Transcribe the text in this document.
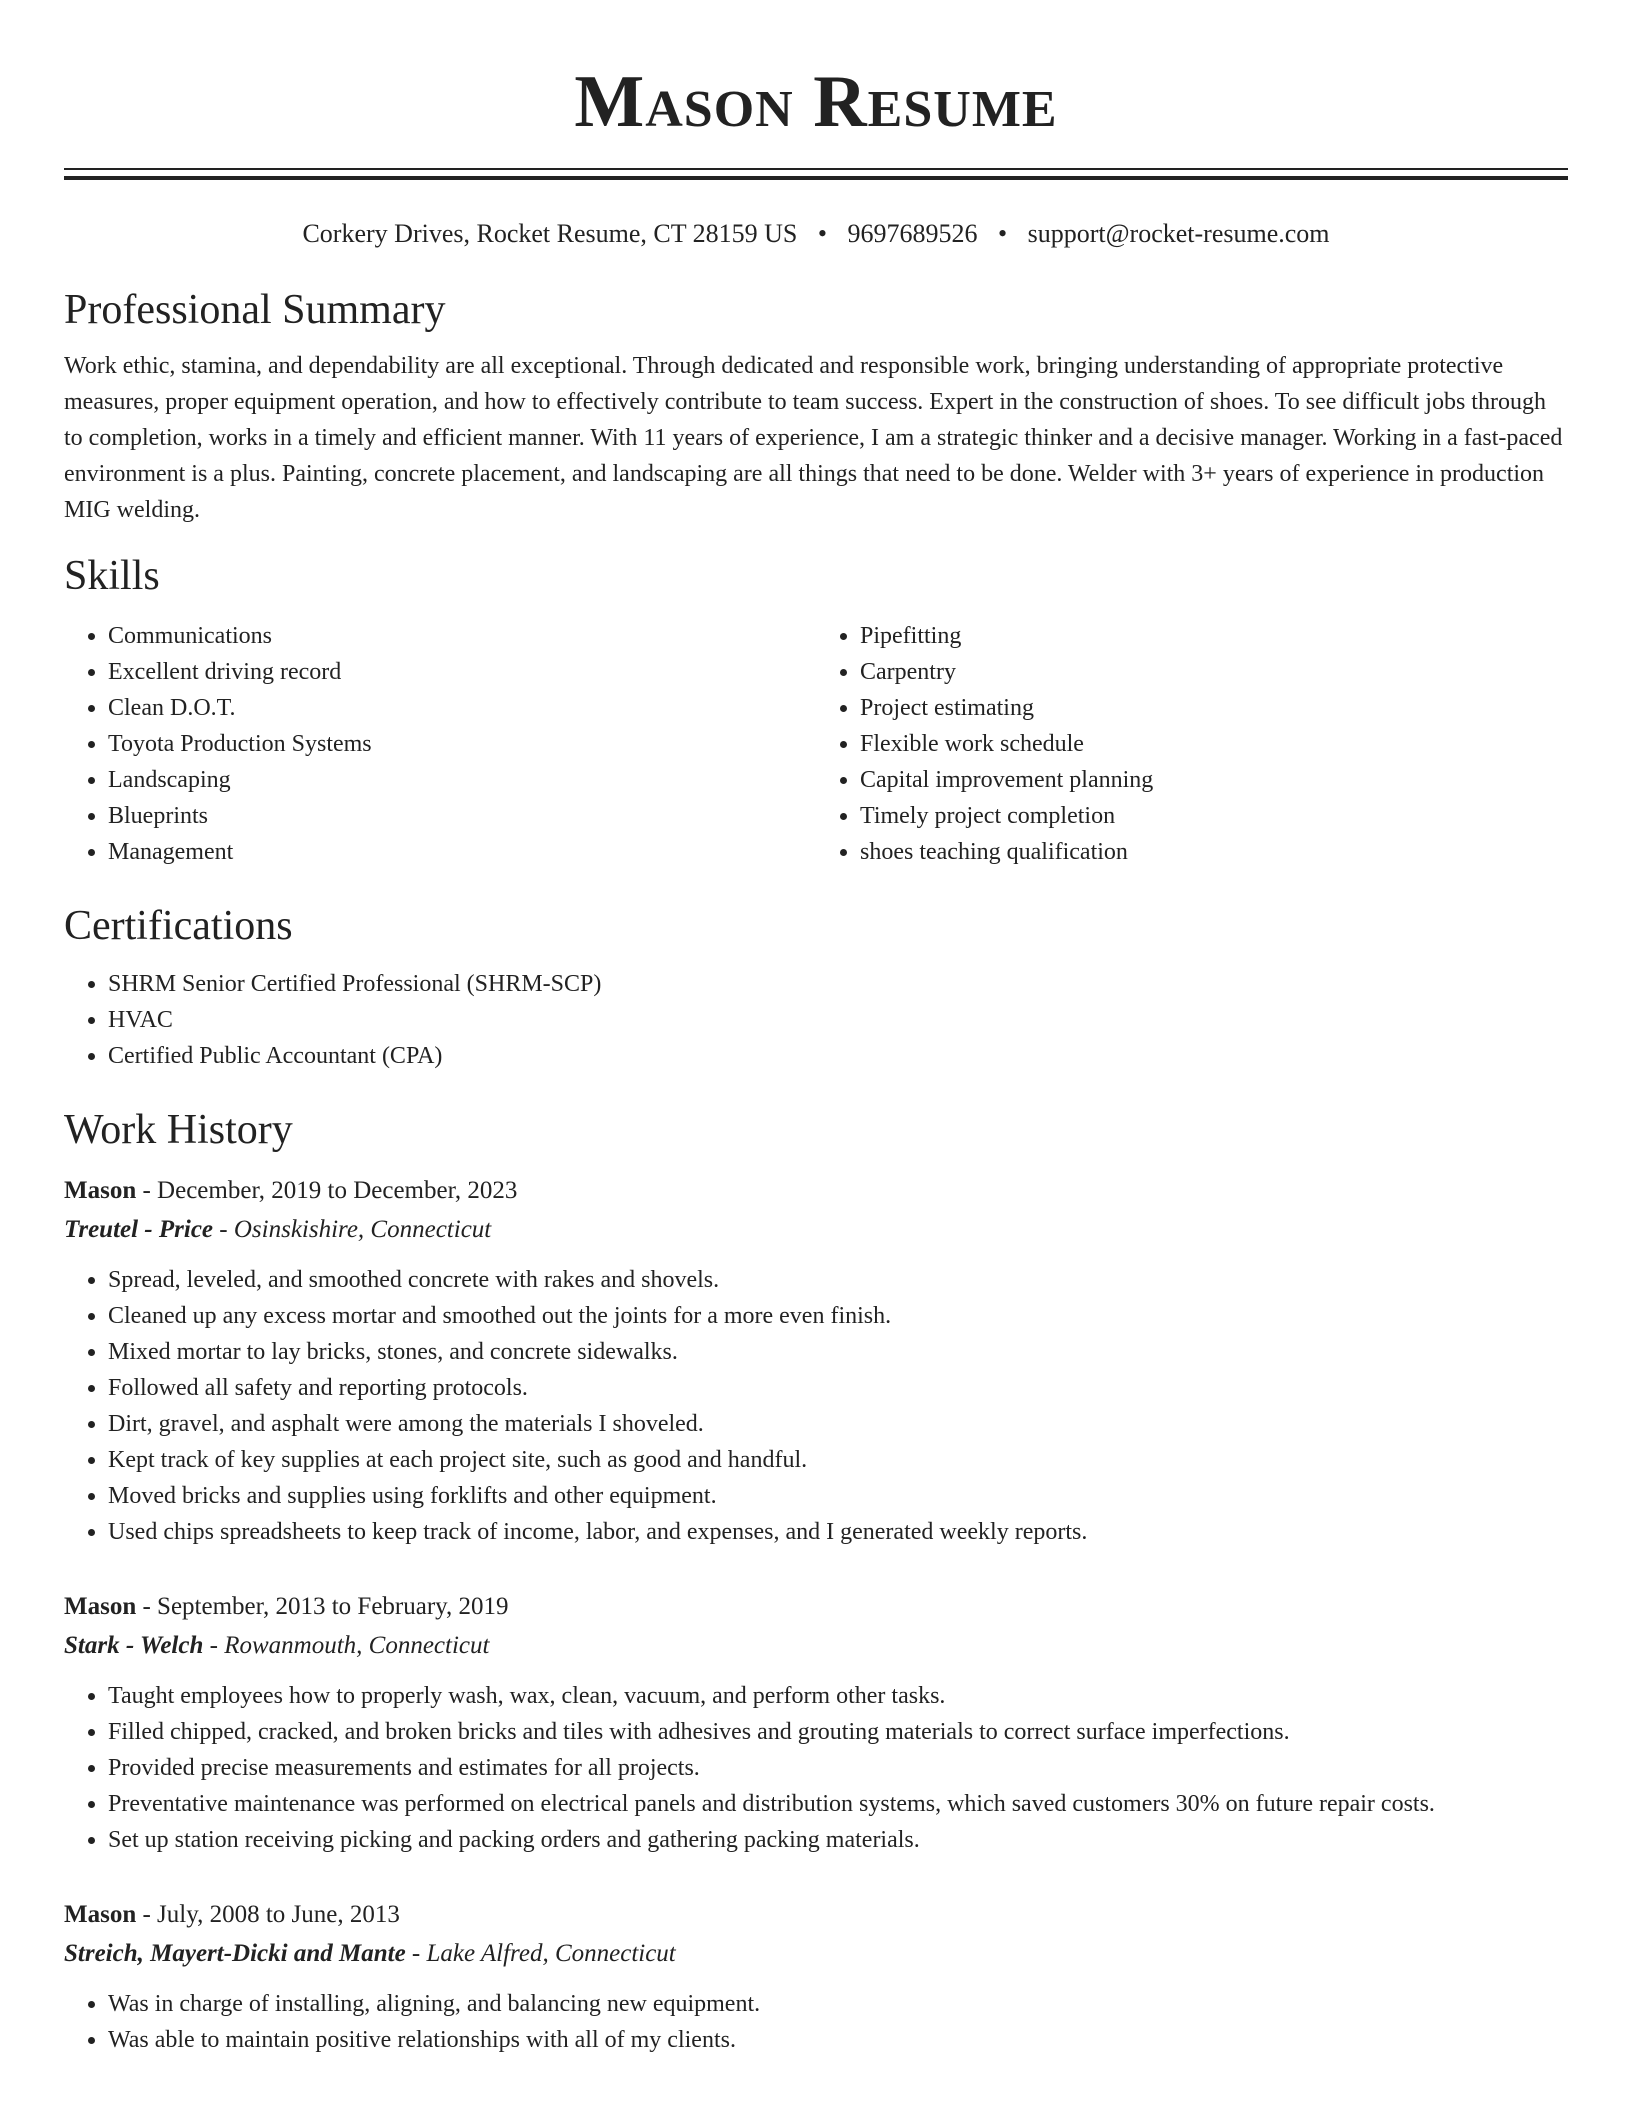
Mason Resume
Corkery Drives, Rocket Resume, CT 28159 US • 9697689526 • support@rocket-resume.com
Professional Summary

Work ethic, stamina, and dependability are all exceptional. Through dedicated and responsible work, bringing understanding of appropriate protective measures, proper equipment operation, and how to effectively contribute to team success. Expert in the construction of shoes. To see difficult jobs through to completion, works in a timely and efficient manner. With 11 years of experience, I am a strategic thinker and a decisive manager. Working in a fast-paced environment is a plus. Painting, concrete placement, and landscaping are all things that need to be done. Welder with 3+ years of experience in production MIG welding.

Skills
• Communications
• Excellent driving record
• Clean D.O.T.
• Toyota Production Systems
• Landscaping
• Blueprints
• Management
• Pipefitting
• Carpentry
• Project estimating
• Flexible work schedule
• Capital improvement planning
• Timely project completion
• shoes teaching qualification
Certifications
• SHRM Senior Certified Professional (SHRM-SCP)
• HVAC
• Certified Public Accountant (CPA)
Work History
Mason - December, 2019 to December, 2023
Treutel - Price - Osinskishire, Connecticut
• Spread, leveled, and smoothed concrete with rakes and shovels.
• Cleaned up any excess mortar and smoothed out the joints for a more even finish.
• Mixed mortar to lay bricks, stones, and concrete sidewalks.
• Followed all safety and reporting protocols.
• Dirt, gravel, and asphalt were among the materials I shoveled.
• Kept track of key supplies at each project site, such as good and handful.
• Moved bricks and supplies using forklifts and other equipment.
• Used chips spreadsheets to keep track of income, labor, and expenses, and I generated weekly reports.
Mason - September, 2013 to February, 2019
Stark - Welch - Rowanmouth, Connecticut
• Taught employees how to properly wash, wax, clean, vacuum, and perform other tasks.
• Filled chipped, cracked, and broken bricks and tiles with adhesives and grouting materials to correct surface imperfections.
• Provided precise measurements and estimates for all projects.
• Preventative maintenance was performed on electrical panels and distribution systems, which saved customers 30% on future repair costs.
• Set up station receiving picking and packing orders and gathering packing materials.
Mason - July, 2008 to June, 2013
Streich, Mayert-Dicki and Mante - Lake Alfred, Connecticut
• Was in charge of installing, aligning, and balancing new equipment.
• Was able to maintain positive relationships with all of my clients.
